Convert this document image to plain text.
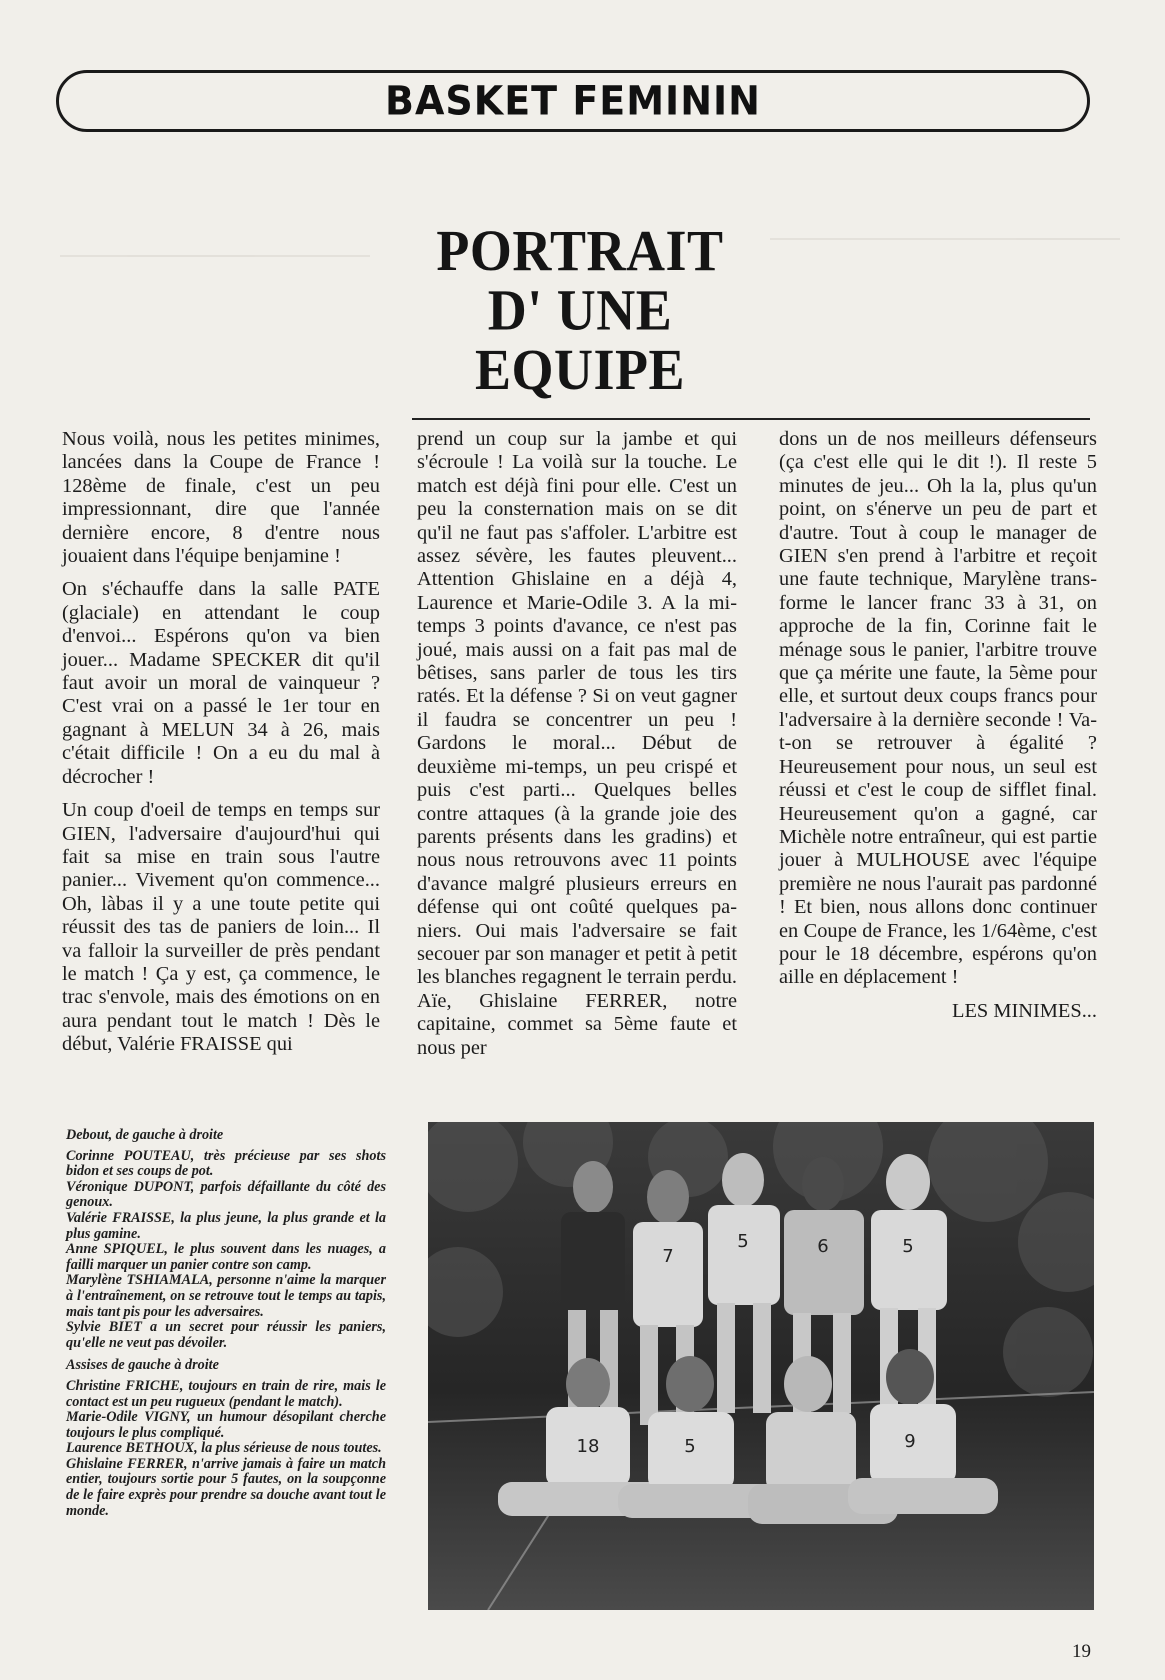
BASKET FEMININ

PORTRAIT
D' UNE EQUIPE

Nous voilà, nous les petites minimes, lancées dans la Coupe de France ! 128ème de finale, c'est un peu impressionnant, dire que l'année dernière encore, 8 d'entre nous jouaient dans l'équipe benjamine !

On s'échauffe dans la salle PATE (glaciale) en attendant le coup d'envoi... Espérons qu'on va bien jouer... Madame SPECKER dit qu'il faut avoir un moral de vainqueur ? C'est vrai on a passé le 1er tour en gagnant à MELUN 34 à 26, mais c'était difficile ! On a eu du mal à décrocher !

Un coup d'oeil de temps en temps sur GIEN, l'adversaire d'aujourd'hui qui fait sa mise en train sous l'autre panier... Vivement qu'on commence... Oh, làbas il y a une toute petite qui réussit des tas de paniers de loin... Il va falloir la surveiller de près pendant le match ! Ça y est, ça commence, le trac s'envole, mais des émotions on en aura pendant tout le match ! Dès le début, Valérie FRAISSE qui

prend un coup sur la jambe et qui s'écroule ! La voilà sur la touche. Le match est déjà fini pour elle. C'est un peu la consternation mais on se dit qu'il ne faut pas s'affoler. L'arbitre est assez sévère, les fautes pleuvent... Attention Ghislaine en a déjà 4, Laurence et Marie-Odile 3. A la mi-temps 3 points d'avance, ce n'est pas joué, mais aussi on a fait pas mal de bêtises, sans parler de tous les tirs ratés. Et la défense ? Si on veut gagner il faudra se concentrer un peu ! Gardons le moral... Début de deuxième mi-temps, un peu crispé et puis c'est parti... Quelques belles contre attaques (à la grande joie des parents présents dans les gradins) et nous nous retrouvons avec 11 points d'avance malgré plusieurs erreurs en défense qui ont coûté quelques paniers. Oui mais l'adversaire se fait secouer par son manager et petit à petit les blanches regagnent le terrain perdu. Aïe, Ghislaine FERRER, notre capitaine, commet sa 5ème faute et nous per

dons un de nos meilleurs défenseurs (ça c'est elle qui le dit !). Il reste 5 minutes de jeu... Oh la la, plus qu'un point, on s'énerve un peu de part et d'autre. Tout à coup le manager de GIEN s'en prend à l'arbitre et reçoit une faute technique, Marylène transforme le lancer franc 33 à 31, on approche de la fin, Corinne fait le ménage sous le panier, l'arbitre trouve que ça mérite une faute, la 5ème pour elle, et surtout deux coups francs pour l'adversaire à la dernière seconde ! Va-t-on se retrouver à égalité ? Heureusement pour nous, un seul est réussi et c'est le coup de sifflet final. Heureusement qu'on a gagné, car Michèle notre entraîneur, qui est partie jouer à MULHOUSE avec l'équipe première ne nous l'aurait pas pardonné ! Et bien, nous allons donc continuer en Coupe de France, les 1/64ème, c'est pour le 18 décembre, espérons qu'on aille en déplacement !

LES MINIMES...

Debout, de gauche à droite

Corinne POUTEAU, très précieuse par ses shots bidon et ses coups de pot.

Véronique DUPONT, parfois défaillante du côté des genoux.

Valérie FRAISSE, la plus jeune, la plus grande et la plus gamine.

Anne SPIQUEL, le plus souvent dans les nuages, a failli marquer un panier contre son camp.

Marylène TSHIAMALA, personne n'aime la marquer à l'entraînement, on se retrouve tout le temps au tapis, mais tant pis pour les adversaires.

Sylvie BIET a un secret pour réussir les paniers, qu'elle ne veut pas dévoiler.

Assises de gauche à droite

Christine FRICHE, toujours en train de rire, mais le contact est un peu rugueux (pendant le match).

Marie-Odile VIGNY, un humour désopilant cherche toujours le plus compliqué.

Laurence BETHOUX, la plus sérieuse de nous toutes.

Ghislaine FERRER, n'arrive jamais à faire un match entier, toujours sortie pour 5 fautes, on la soupçonne de le faire exprès pour prendre sa douche avant tout le monde.

5
7	6
18	5	9
5
19
